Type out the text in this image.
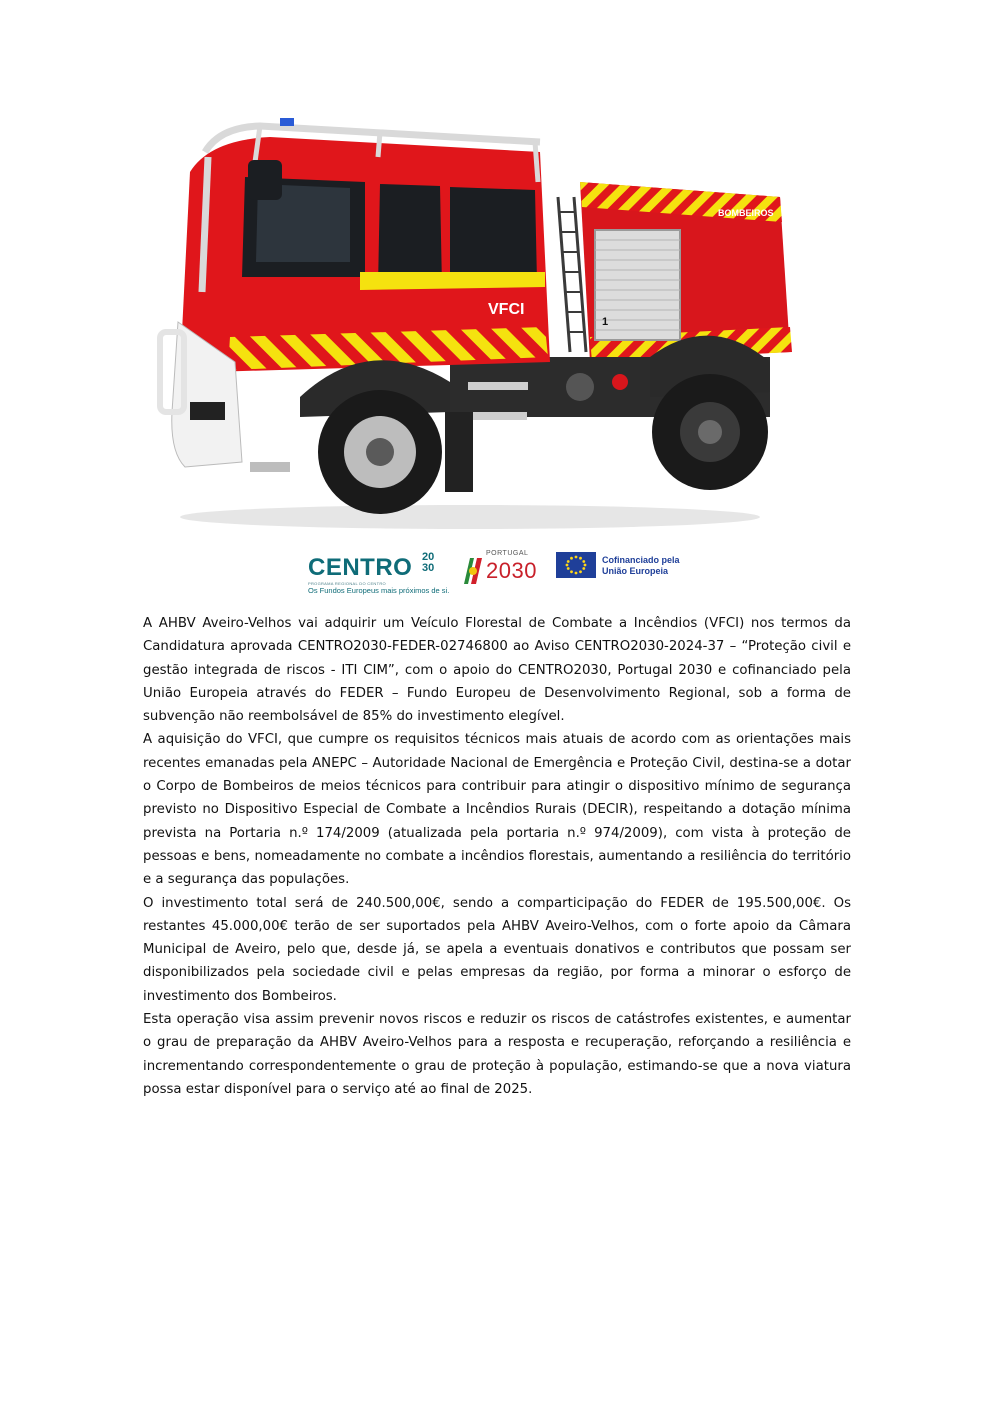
BOMBEIROS
1
VFCI
CENTRO 20
30
PROGRAMA REGIONAL DO CENTRO
Os Fundos Europeus mais próximos de si.
PORTUGAL
2030	Cofinanciado pela
União Europeia

A AHBV Aveiro-Velhos vai adquirir um Veículo Florestal de Combate a Incêndios (VFCI) nos termos da Candidatura aprovada CENTRO2030-FEDER-02746800 ao Aviso CENTRO2030-2024-37 – “Proteção civil e gestão integrada de riscos - ITI CIM”, com o apoio do CENTRO2030, Portugal 2030 e cofinanciado pela União Europeia através do FEDER – Fundo Europeu de Desenvolvimento Regional, sob a forma de subvenção não reembolsável de 85% do investimento elegível.

A aquisição do VFCI, que cumpre os requisitos técnicos mais atuais de acordo com as orientações mais recentes emanadas pela ANEPC – Autoridade Nacional de Emergência e Proteção Civil, destina-se a dotar o Corpo de Bombeiros de meios técnicos para contribuir para atingir o dispositivo mínimo de segurança previsto no Dispositivo Especial de Combate a Incêndios Rurais (DECIR), respeitando a dotação mínima prevista na Portaria n.º 174/2009 (atualizada pela portaria n.º 974/2009), com vista à proteção de pessoas e bens, nomeadamente no combate a incêndios florestais, aumentando a resiliência do território e a segurança das populações.

O investimento total será de 240.500,00€, sendo a comparticipação do FEDER de 195.500,00€. Os restantes 45.000,00€ terão de ser suportados pela AHBV Aveiro-Velhos, com o forte apoio da Câmara Municipal de Aveiro, pelo que, desde já, se apela a eventuais donativos e contributos que possam ser disponibilizados pela sociedade civil e pelas empresas da região, por forma a minorar o esforço de investimento dos Bombeiros.

Esta operação visa assim prevenir novos riscos e reduzir os riscos de catástrofes existentes, e aumentar o grau de preparação da AHBV Aveiro-Velhos para a resposta e recuperação, reforçando a resiliência e incrementando correspondentemente o grau de proteção à população, estimando-se que a nova viatura possa estar disponível para o serviço até ao final de 2025.
